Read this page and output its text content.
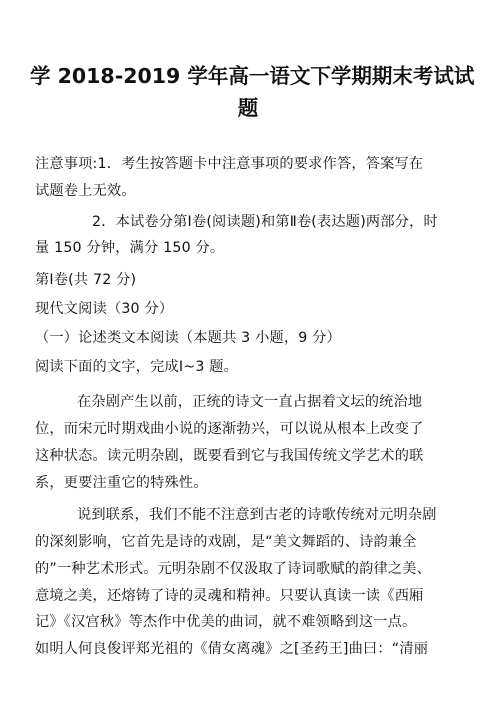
学 2018-2019 学年高一语文下学期期末考试试
题
注意事项:1．考生按答题卡中注意事项的要求作答，答案写在
试题卷上无效。
2．本试卷分第Ⅰ卷(阅读题)和第Ⅱ卷(表达题)两部分，时
量 150 分钟，满分 150 分。
第Ⅰ卷(共 72 分)
现代文阅读（30 分）
（一）论述类文本阅读（本题共 3 小题，9 分）
阅读下面的文字，完成Ⅰ~3 题。
在杂剧产生以前，正统的诗文一直占据着文坛的统治地
位，而宋元时期戏曲小说的逐渐勃兴，可以说从根本上改变了
这种状态。读元明杂剧，既要看到它与我国传统文学艺术的联
系，更要注重它的特殊性。
说到联系，我们不能不注意到古老的诗歌传统对元明杂剧
的深刻影响，它首先是诗的戏剧，是“美文舞蹈的、诗韵兼全
的”一种艺术形式。元明杂剧不仅汲取了诗词歌赋的韵律之美、
意境之美，还熔铸了诗的灵魂和精神。只要认真读一读《西厢
记》《汉宫秋》等杰作中优美的曲词，就不难领略到这一点。
如明人何良俊评郑光祖的《倩女离魂》之[圣药王]曲曰：“清丽
